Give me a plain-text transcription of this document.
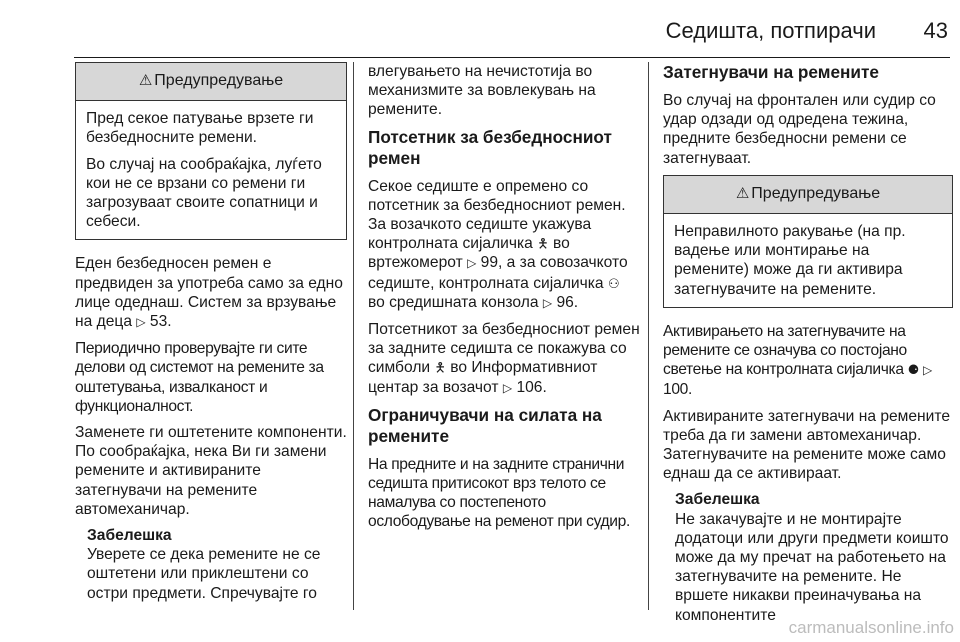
Седишта, потпирачи 43
⚠ Предупредување

Пред секое патување врзете ги безбедносните ремени.

Во случај на сообраќајка, луѓето кои не се врзани со ремени ги загрозуваат своите сопатници и себеси.

Еден безбедносен ремен е предвиден за употреба само за едно лице одеднаш. Систем за врзување на деца ▷ 53.

Периодично проверувајте ги сите делови од системот на ремените за оштетувања, извалканост и функционалност.

Заменете ги оштетените компоненти. По сообраќајка, нека Ви ги замени ремените и активираните затегнувачи на ремените автомеханичар.

Забелешка

Уверете се дека ремените не се оштетени или приклештени со остри предмети. Спречувајте го

влегувањето на нечистотија во механизмите за вовлекувањ на ремените.

Потсетник за безбедносниот ремен

Секое седиште е опремено со потсетник за безбедносниот ремен. За возачкото седиште укажува контролната сијаличка 🯅 во вртежомерот ▷ 99, а за совозачкото седиште, контролната сијаличка ⚇ во средишната конзола ▷ 96.

Потсетникот за безбедносниот ремен за задните седишта се покажува со симболи 🯅 во Информативниот центар за возачот ▷ 106.

Ограничувачи на силата на ремените

На предните и на задните странични седишта притисокот врз телото се намалува со постепеното ослободување на ременот при судир.

Затегнувачи на ремените

Во случај на фронтален или судир со удар одзади од одредена тежина, предните безбедносни ремени се затегнуваат.

⚠ Предупредување

Неправилното ракување (на пр. вадење или монтирање на ремените) може да ги активира затегнувачите на ремените.

Активирањето на затегнувачите на ремените се означува со постојано светење на контролната сијаличка ⚈ ▷ 100.

Активираните затегнувачи на ремените треба да ги замени автомеханичар. Затегнувачите на ремените може само еднаш да се активираат.

Забелешка

Не закачувајте и не монтирајте додатоци или други предмети коишто може да му пречат на работењето на затегнувачите на ремените. Не вршете никакви преиначувања на компонентите

carmanualsonline.info
